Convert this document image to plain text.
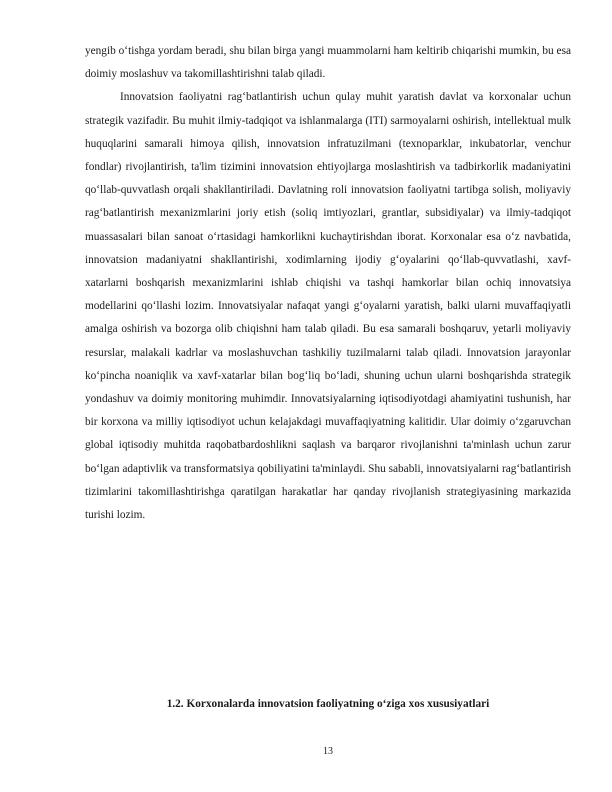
yengib o‘tishga yordam beradi, shu bilan birga yangi muammolarni ham keltirib chiqarishi mumkin, bu esa doimiy moslashuv va takomillashtirishni talab qiladi.

Innovatsion faoliyatni rag‘batlantirish uchun qulay muhit yaratish davlat va korxonalar uchun strategik vazifadir. Bu muhit ilmiy-tadqiqot va ishlanmalarga (ITI) sarmoyalarni oshirish, intellektual mulk huquqlarini samarali himoya qilish, innovatsion infratuzilmani (texnoparklar, inkubatorlar, venchur fondlar) rivojlantirish, ta'lim tizimini innovatsion ehtiyojlarga moslashtirish va tadbirkorlik madaniyatini qo‘llab-quvvatlash orqali shakllantiriladi. Davlatning roli innovatsion faoliyatni tartibga solish, moliyaviy rag‘batlantirish mexanizmlarini joriy etish (soliq imtiyozlari, grantlar, subsidiyalar) va ilmiy-tadqiqot muassasalari bilan sanoat o‘rtasidagi hamkorlikni kuchaytirishdan iborat. Korxonalar esa o‘z navbatida, innovatsion madaniyatni shakllantirishi, xodimlarning ijodiy g‘oyalarini qo‘llab-quvvatlashi, xavf-xatarlarni boshqarish mexanizmlarini ishlab chiqishi va tashqi hamkorlar bilan ochiq innovatsiya modellarini qo‘llashi lozim. Innovatsiyalar nafaqat yangi g‘oyalarni yaratish, balki ularni muvaffaqiyatli amalga oshirish va bozorga olib chiqishni ham talab qiladi. Bu esa samarali boshqaruv, yetarli moliyaviy resurslar, malakali kadrlar va moslashuvchan tashkiliy tuzilmalarni talab qiladi. Innovatsion jarayonlar ko‘pincha noaniqlik va xavf-xatarlar bilan bog‘liq bo‘ladi, shuning uchun ularni boshqarishda strategik yondashuv va doimiy monitoring muhimdir. Innovatsiyalarning iqtisodiyotdagi ahamiyatini tushunish, har bir korxona va milliy iqtisodiyot uchun kelajakdagi muvaffaqiyatning kalitidir. Ular doimiy o‘zgaruvchan global iqtisodiy muhitda raqobatbardoshlikni saqlash va barqaror rivojlanishni ta'minlash uchun zarur bo‘lgan adaptivlik va transformatsiya qobiliyatini ta'minlaydi. Shu sababli, innovatsiyalarni rag‘batlantirish tizimlarini takomillashtirishga qaratilgan harakatlar har qanday rivojlanish strategiyasining markazida turishi lozim.

1.2. Korxonalarda innovatsion faoliyatning o‘ziga xos xususiyatlari

13
